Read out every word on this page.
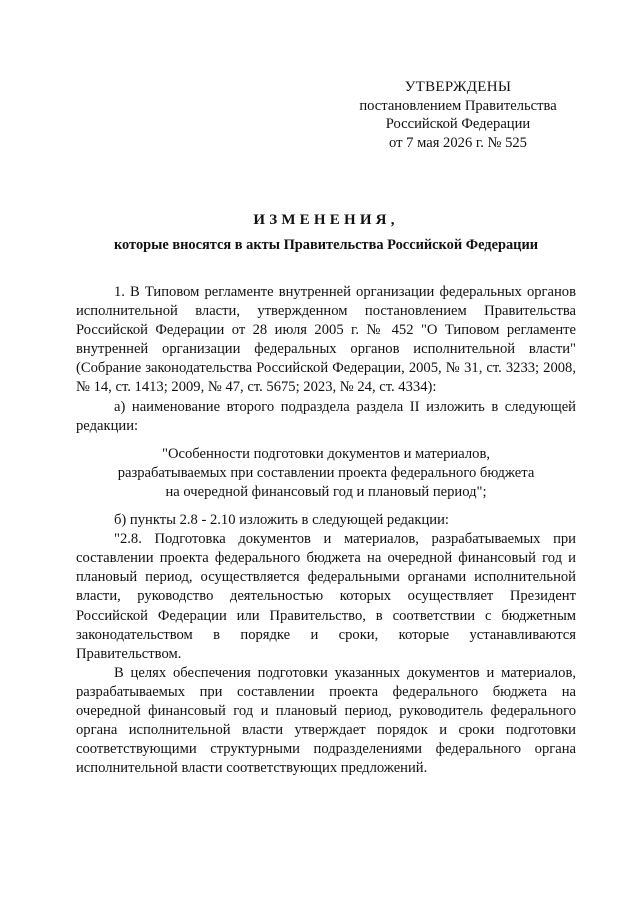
УТВЕРЖДЕНЫ
постановлением Правительства
Российской Федерации
от 7 мая 2026 г. № 525
ИЗМЕНЕНИЯ,
которые вносятся в акты Правительства Российской Федерации

1. В Типовом регламенте внутренней организации федеральных органов исполнительной власти, утвержденном постановлением Правительства Российской Федерации от 28 июля 2005 г. № 452 "О Типовом регламенте внутренней организации федеральных органов исполнительной власти" (Собрание законодательства Российской Федерации, 2005, № 31, ст. 3233; 2008, № 14, ст. 1413; 2009, № 47, ст. 5675; 2023, № 24, ст. 4334):

а) наименование второго подраздела раздела II изложить в следующей редакции:

"Особенности подготовки документов и материалов,
разрабатываемых при составлении проекта федерального бюджета
на очередной финансовый год и плановый период";

б) пункты 2.8 - 2.10 изложить в следующей редакции:

"2.8. Подготовка документов и материалов, разрабатываемых при составлении проекта федерального бюджета на очередной финансовый год и плановый период, осуществляется федеральными органами исполнительной власти, руководство деятельностью которых осуществляет Президент Российской Федерации или Правительство, в соответствии с бюджетным законодательством в порядке и сроки, которые устанавливаются Правительством.

В целях обеспечения подготовки указанных документов и материалов, разрабатываемых при составлении проекта федерального бюджета на очередной финансовый год и плановый период, руководитель федерального органа исполнительной власти утверждает порядок и сроки подготовки соответствующими структурными подразделениями федерального органа исполнительной власти соответствующих предложений.
